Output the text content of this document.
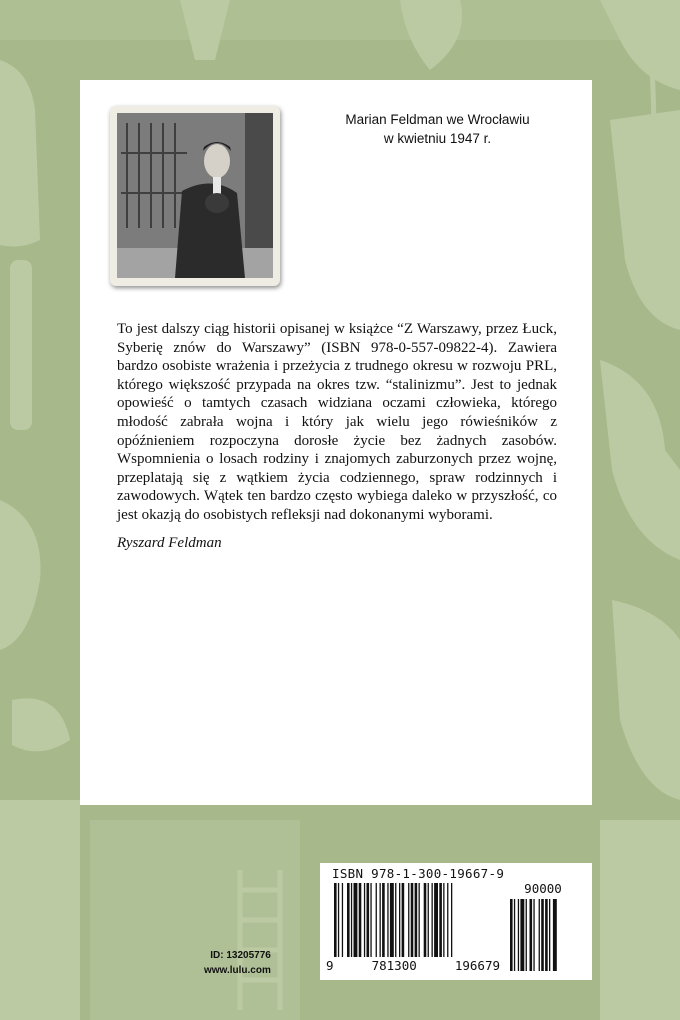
Marian Feldman we Wrocławiu
w kwietniu 1947 r.

To jest dalszy ciąg historii opisanej w książce “Z Warszawy, przez Łuck, Syberię znów do Warszawy” (ISBN 978-0-557-09822-4). Zawiera bardzo osobiste wrażenia i przeżycia z trudnego okresu w rozwoju PRL, którego większość przypada na okres tzw. “stalinizmu”. Jest to jednak opowieść o tamtych czasach widziana oczami człowieka, którego młodość zabrała wojna i który jak wielu jego rówieśników z opóźnieniem rozpoczyna dorosłe życie bez żadnych zasobów. Wspomnienia o losach rodziny i znajomych zaburzonych przez wojnę, przeplatają się z wątkiem życia codziennego, spraw rodzinnych i zawodowych. Wątek ten bardzo często wybiega daleko w przyszłość, co jest okazją do osobistych refleksji nad dokonanymi wyborami.

Ryszard Feldman

ID: 13205776
www.lulu.com
ISBN 978-1-300-19667-9
9	781300	196679
90000
